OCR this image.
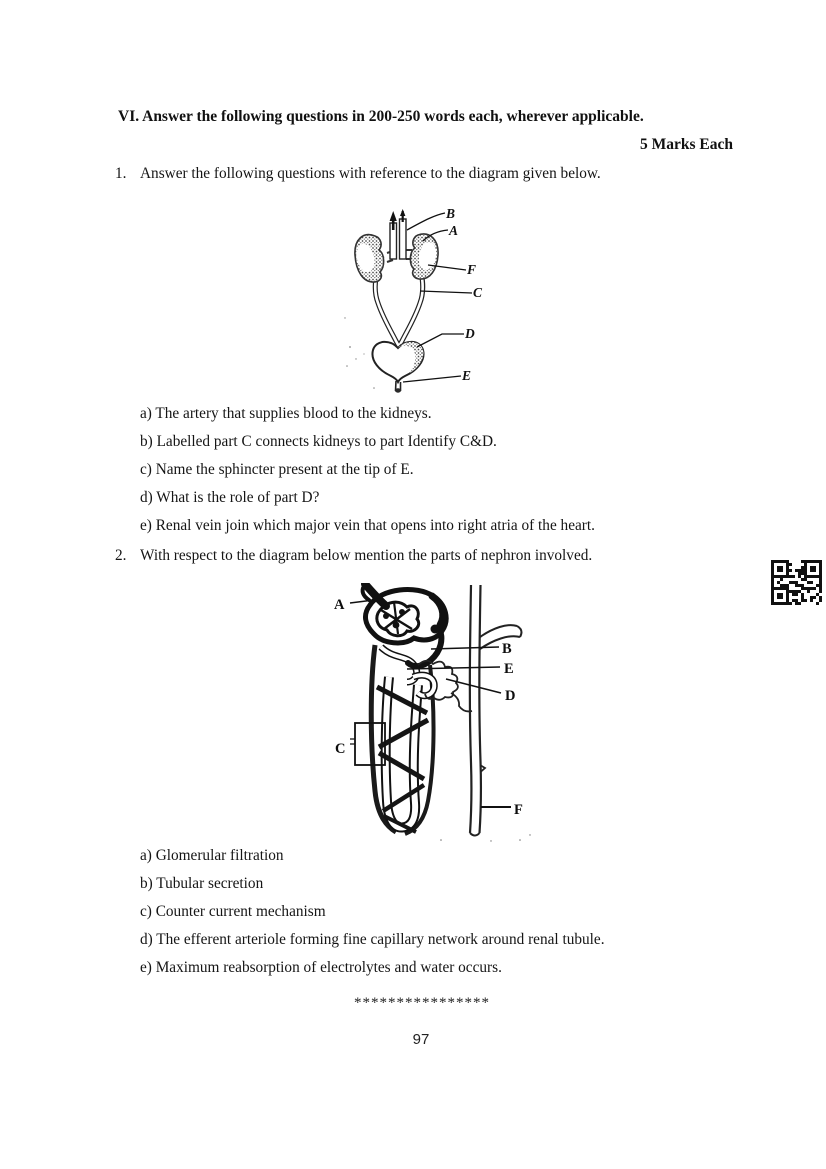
VI. Answer the following questions in 200-250 words each, wherever applicable.
5 Marks Each
1. Answer the following questions with reference to the diagram given below.
B
A
F
C
D
E
a) The artery that supplies blood to the kidneys.
b) Labelled part C connects kidneys to part Identify C&D.
c) Name the sphincter present at the tip of E.
d) What is the role of part D?
e) Renal vein join which major vein that opens into right atria of the heart.
2. With respect to the diagram below mention the parts of nephron involved.
A
B
E
D
C
F
a) Glomerular filtration
b) Tubular secretion
c) Counter current mechanism
d) The efferent arteriole forming fine capillary network around renal tubule.
e) Maximum reabsorption of electrolytes and water occurs.
****************
97
